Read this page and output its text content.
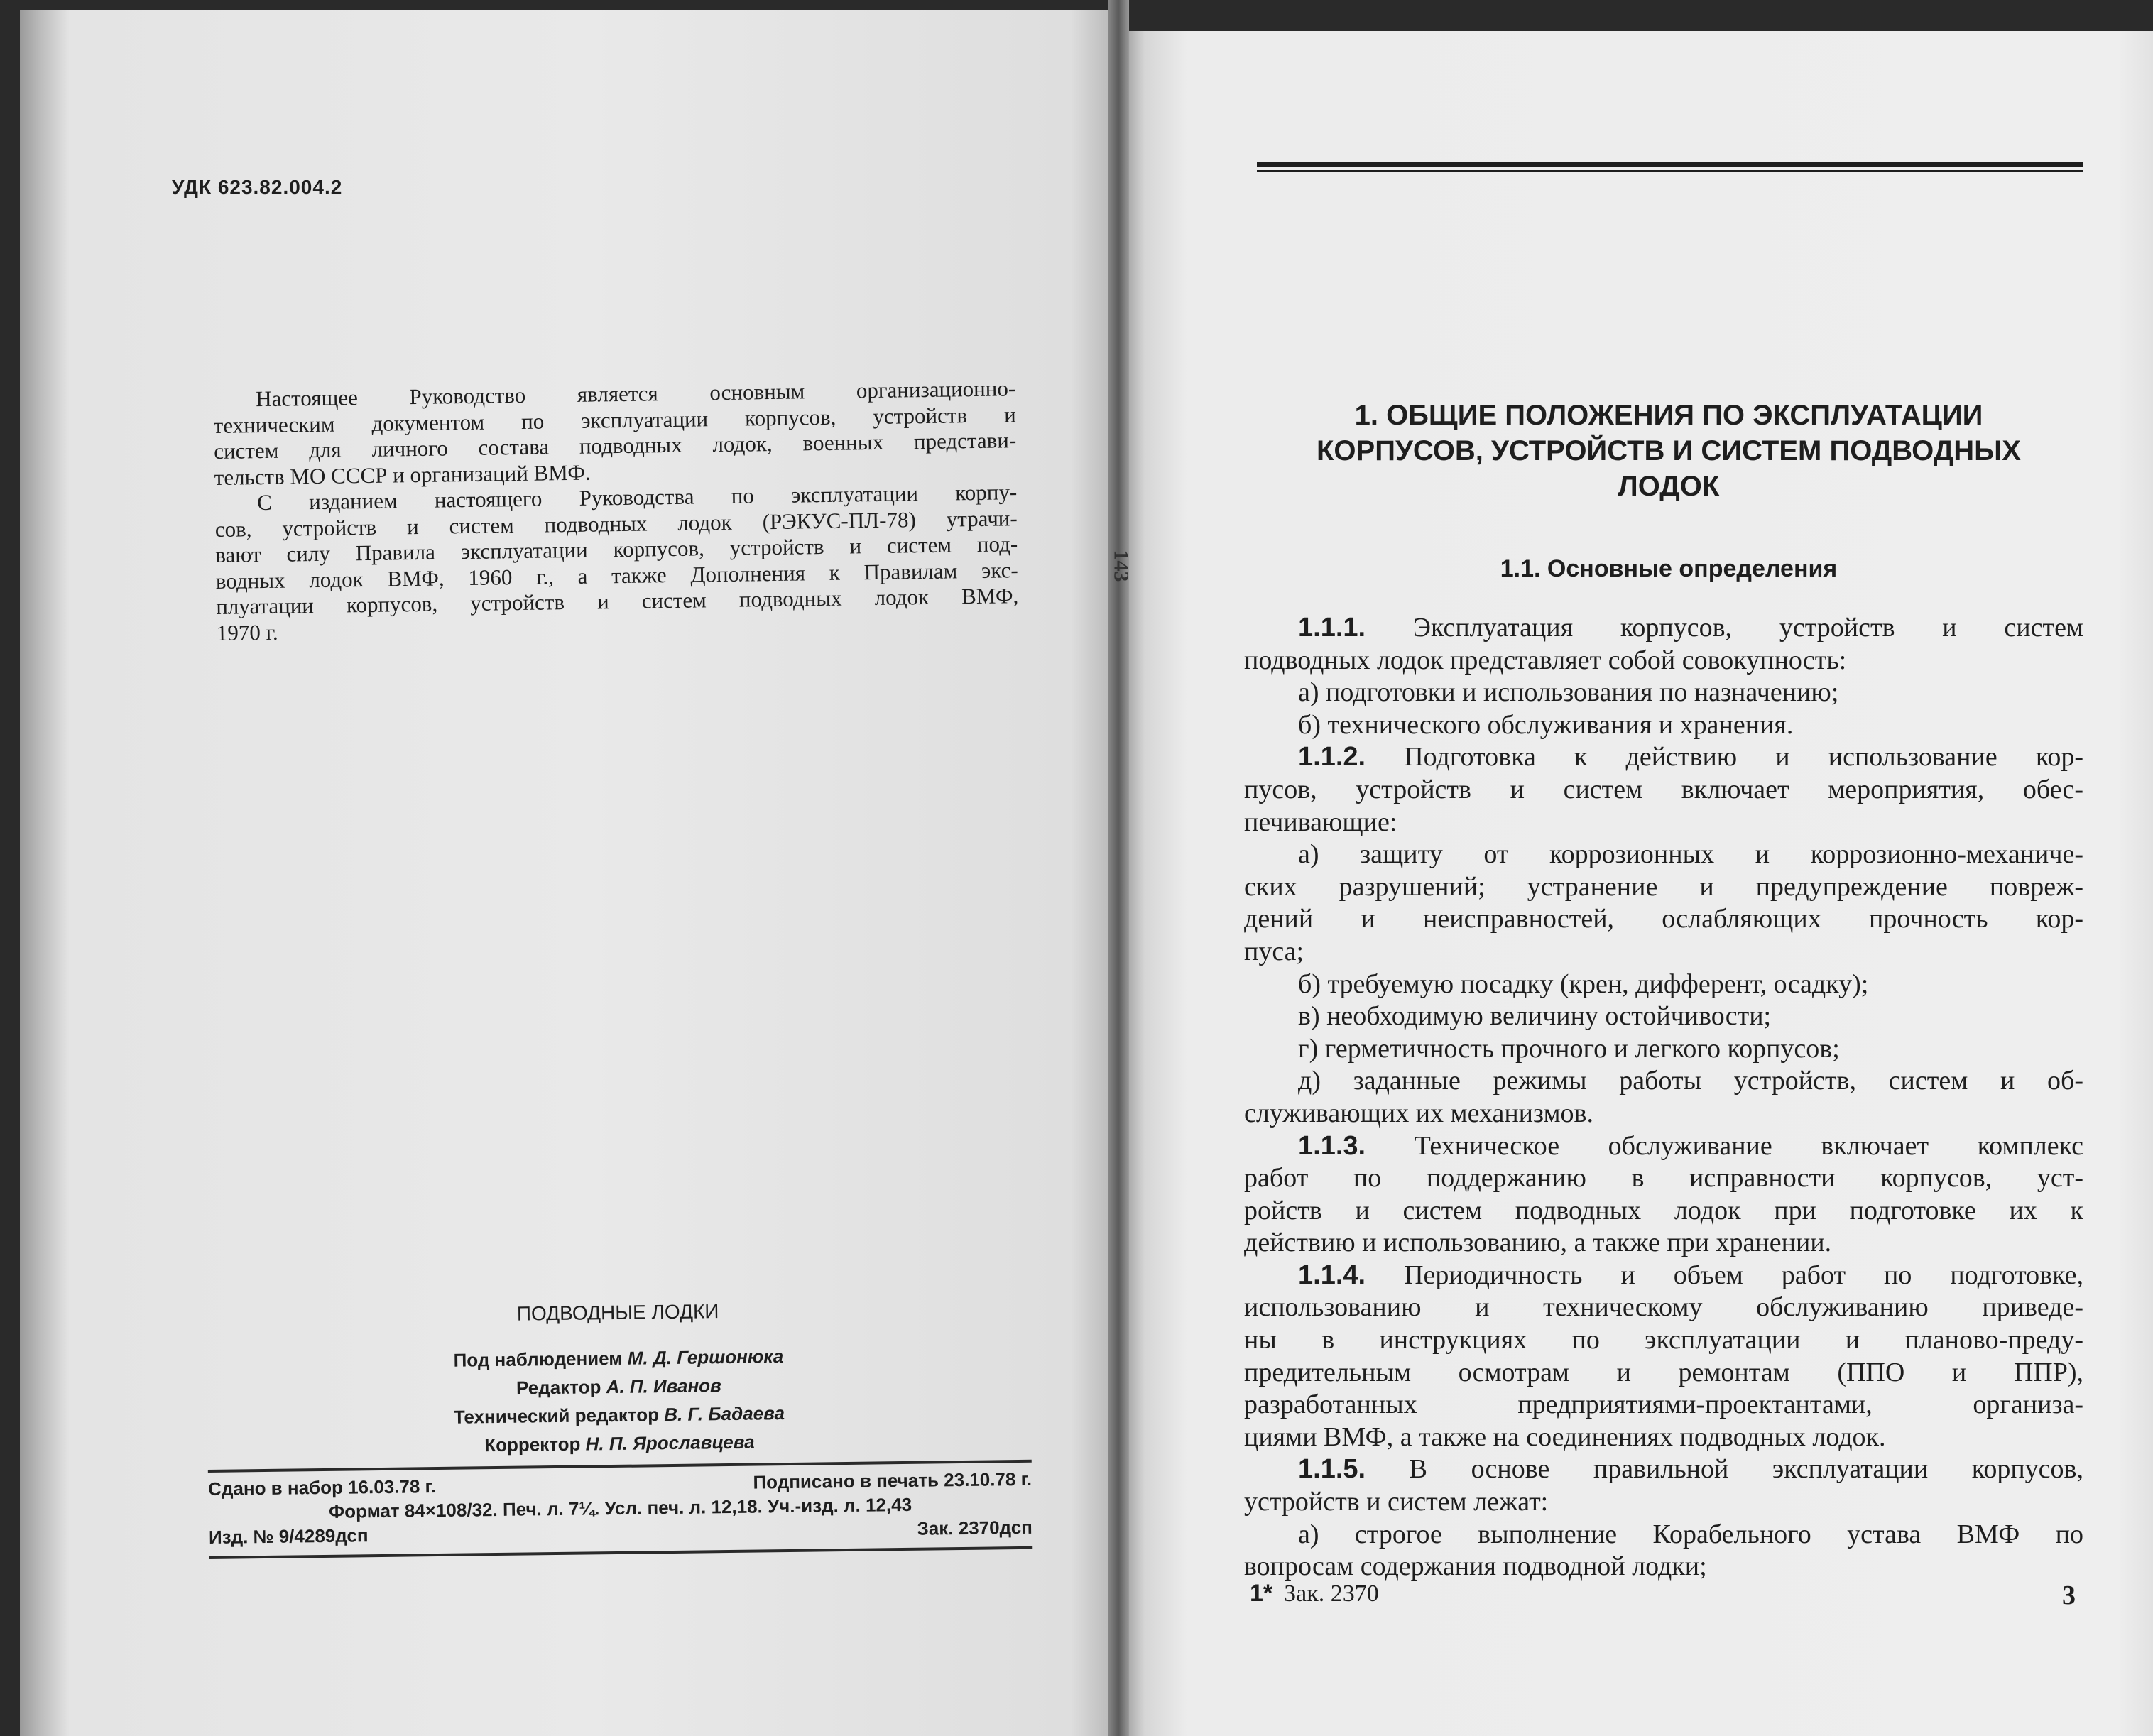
УДК 623.82.004.2
Настоящее Руководство является основным организационно-
техническим документом по эксплуатации корпусов, устройств и
систем для личного состава подводных лодок, военных представи-
тельств МО СССР и организаций ВМФ.
С изданием настоящего Руководства по эксплуатации корпу-
сов, устройств и систем подводных лодок (РЭКУС-ПЛ-78) утрачи-
вают силу Правила эксплуатации корпусов, устройств и систем под-
водных лодок ВМФ, 1960 г., а также Дополнения к Правилам экс-
плуатации корпусов, устройств и систем подводных лодок ВМФ,
1970 г.
ПОДВОДНЫЕ ЛОДКИ
Под наблюдением М. Д. Гершонюка
Редактор А. П. Иванов
Технический редактор В. Г. Бадаева
Корректор Н. П. Ярославцева
Сдано в набор 16.03.78 г.	Подписано в печать 23.10.78 г.
Формат 84×108/32. Печ. л. 7¼. Усл. печ. л. 12,18. Уч.-изд. л. 12,43
Изд. № 9/4289дсп	Зак. 2370дсп
143
1. ОБЩИЕ ПОЛОЖЕНИЯ ПО ЭКСПЛУАТАЦИИ
КОРПУСОВ, УСТРОЙСТВ И СИСТЕМ ПОДВОДНЫХ
ЛОДОК
1.1. Основные определения
1.1.1. Эксплуатация корпусов, устройств и систем
подводных лодок представляет собой совокупность:
а) подготовки и использования по назначению;
б) технического обслуживания и хранения.
1.1.2. Подготовка к действию и использование кор-
пусов, устройств и систем включает мероприятия, обес-
печивающие:
а) защиту от коррозионных и коррозионно-механиче-
ских разрушений; устранение и предупреждение повреж-
дений и неисправностей, ослабляющих прочность кор-
пуса;
б) требуемую посадку (крен, дифферент, осадку);
в) необходимую величину остойчивости;
г) герметичность прочного и легкого корпусов;
д) заданные режимы работы устройств, систем и об-
служивающих их механизмов.
1.1.3. Техническое обслуживание включает комплекс
работ по поддержанию в исправности корпусов, уст-
ройств и систем подводных лодок при подготовке их к
действию и использованию, а также при хранении.
1.1.4. Периодичность и объем работ по подготовке,
использованию и техническому обслуживанию приведе-
ны в инструкциях по эксплуатации и планово-преду-
предительным осмотрам и ремонтам (ППО и ППР),
разработанных предприятиями-проектантами, организа-
циями ВМФ, а также на соединениях подводных лодок.
1.1.5. В основе правильной эксплуатации корпусов,
устройств и систем лежат:
а) строгое выполнение Корабельного устава ВМФ по
вопросам содержания подводной лодки;
1* Зак. 2370	3
